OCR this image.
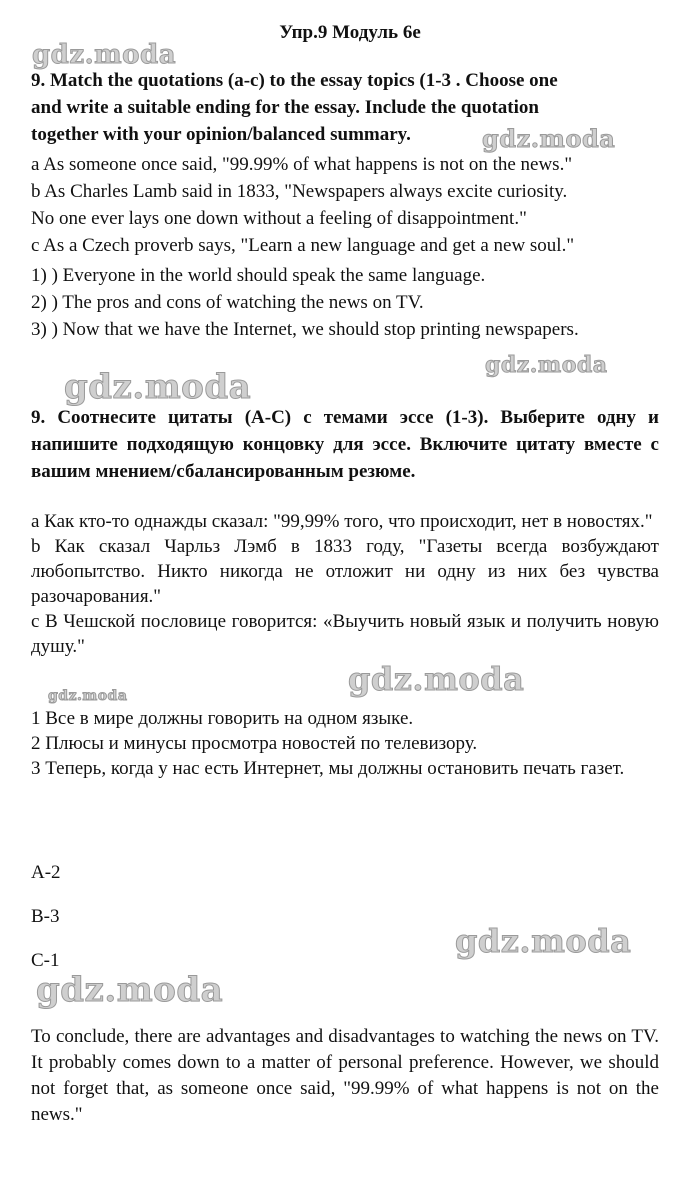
Упр.9 Модуль 6е
9. Match the quotations (a-c) to the essay topics (1-3 . Choose one
and write a suitable ending for the essay. Include the quotation
together with your opinion/balanced summary.
a As someone once said, "99.99% of what happens is not on the news."
b As Charles Lamb said in 1833, "Newspapers always excite curiosity.
No one ever lays one down without a feeling of disappointment."
c As a Czech proverb says, "Learn a new language and get a new soul."
1) ) Everyone in the world should speak the same language.
2) ) The pros and cons of watching the news on TV.
3) ) Now that we have the Internet, we should stop printing newspapers.
9. Соотнесите цитаты (A-C) с темами эссе (1-3). Выберите одну и напишите подходящую концовку для эссе. Включите цитату вместе с вашим мнением/сбалансированным резюме.
a Как кто-то однажды сказал: "99,99% того, что происходит, нет в новостях."
b Как сказал Чарльз Лэмб в 1833 году, "Газеты всегда возбуждают любопытство. Никто никогда не отложит ни одну из них без чувства разочарования."
c В Чешской пословице говорится: «Выучить новый язык и получить новую душу."
1 Все в мире должны говорить на одном языке.
2 Плюсы и минусы просмотра новостей по телевизору.
3 Теперь, когда у нас есть Интернет, мы должны остановить печать газет.
A-2
B-3
C-1
To conclude, there are advantages and disadvantages to watching the news on TV. It probably comes down to a matter of personal preference. However, we should not forget that, as someone once said, "99.99% of what happens is not on the news."
gdz.moda
gdz.moda
gdz.moda
gdz.moda
gdz.moda
gdz.moda
gdz.moda
gdz.moda
